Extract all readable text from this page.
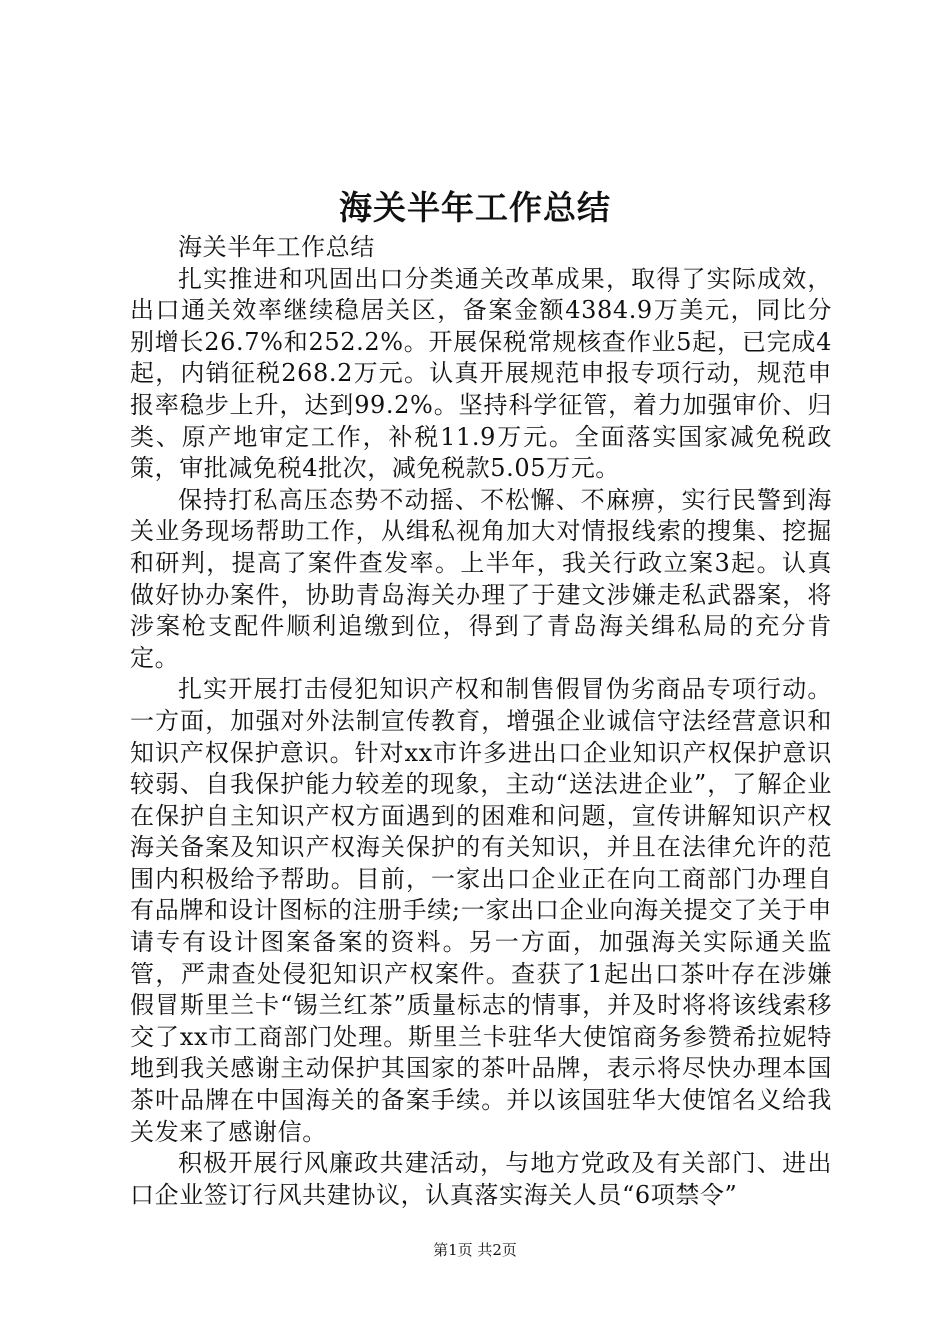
海关半年工作总结

海关半年工作总结

扎实推进和巩固出口分类通关改革成果，取得了实际成效，出口通关效率继续稳居关区，备案金额4384.9万美元，同比分别增长26.7%和252.2%。开展保税常规核查作业5起，已完成4起，内销征税268.2万元。认真开展规范申报专项行动，规范申报率稳步上升，达到99.2%。坚持科学征管，着力加强审价、归类、原产地审定工作，补税11.9万元。全面落实国家减免税政策，审批减免税4批次，减免税款5.05万元。

保持打私高压态势不动摇、不松懈、不麻痹，实行民警到海关业务现场帮助工作，从缉私视角加大对情报线索的搜集、挖掘和研判，提高了案件查发率。上半年，我关行政立案3起。认真做好协办案件，协助青岛海关办理了于建文涉嫌走私武器案，将涉案枪支配件顺利追缴到位，得到了青岛海关缉私局的充分肯定。

扎实开展打击侵犯知识产权和制售假冒伪劣商品专项行动。一方面，加强对外法制宣传教育，增强企业诚信守法经营意识和知识产权保护意识。针对xx市许多进出口企业知识产权保护意识较弱、自我保护能力较差的现象，主动“送法进企业”，了解企业在保护自主知识产权方面遇到的困难和问题，宣传讲解知识产权海关备案及知识产权海关保护的有关知识，并且在法律允许的范围内积极给予帮助。目前，一家出口企业正在向工商部门办理自有品牌和设计图标的注册手续;一家出口企业向海关提交了关于申请专有设计图案备案的资料。另一方面，加强海关实际通关监管，严肃查处侵犯知识产权案件。查获了1起出口茶叶存在涉嫌假冒斯里兰卡“锡兰红茶”质量标志的情事，并及时将将该线索移交了xx市工商部门处理。斯里兰卡驻华大使馆商务参赞希拉妮特地到我关感谢主动保护其国家的茶叶品牌，表示将尽快办理本国茶叶品牌在中国海关的备案手续。并以该国驻华大使馆名义给我关发来了感谢信。

积极开展行风廉政共建活动，与地方党政及有关部门、进出口企业签订行风共建协议，认真落实海关人员“6项禁令”

第1页 共2页
